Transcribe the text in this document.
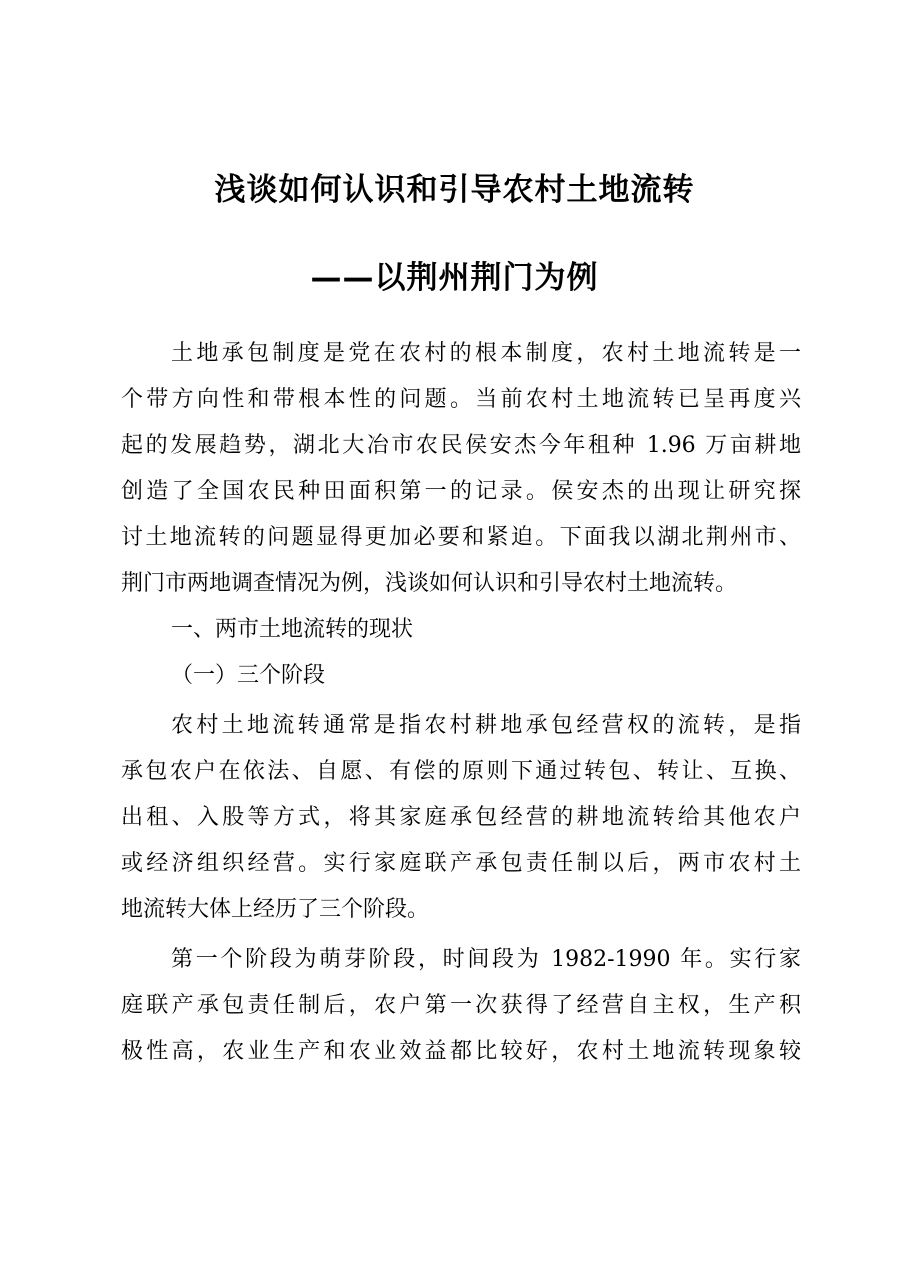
浅谈如何认识和引导农村土地流转
——以荆州荆门为例
土地承包制度是党在农村的根本制度，农村土地流转是一
个带方向性和带根本性的问题。当前农村土地流转已呈再度兴
起的发展趋势，湖北大冶市农民侯安杰今年租种 1.96 万亩耕地
创造了全国农民种田面积第一的记录。侯安杰的出现让研究探
讨土地流转的问题显得更加必要和紧迫。下面我以湖北荆州市、
荆门市两地调查情况为例，浅谈如何认识和引导农村土地流转。
一、两市土地流转的现状
（一）三个阶段
农村土地流转通常是指农村耕地承包经营权的流转，是指
承包农户在依法、自愿、有偿的原则下通过转包、转让、互换、
出租、入股等方式，将其家庭承包经营的耕地流转给其他农户
或经济组织经营。实行家庭联产承包责任制以后，两市农村土
地流转大体上经历了三个阶段。
第一个阶段为萌芽阶段，时间段为 1982-1990 年。实行家
庭联产承包责任制后，农户第一次获得了经营自主权，生产积
极性高，农业生产和农业效益都比较好，农村土地流转现象较
